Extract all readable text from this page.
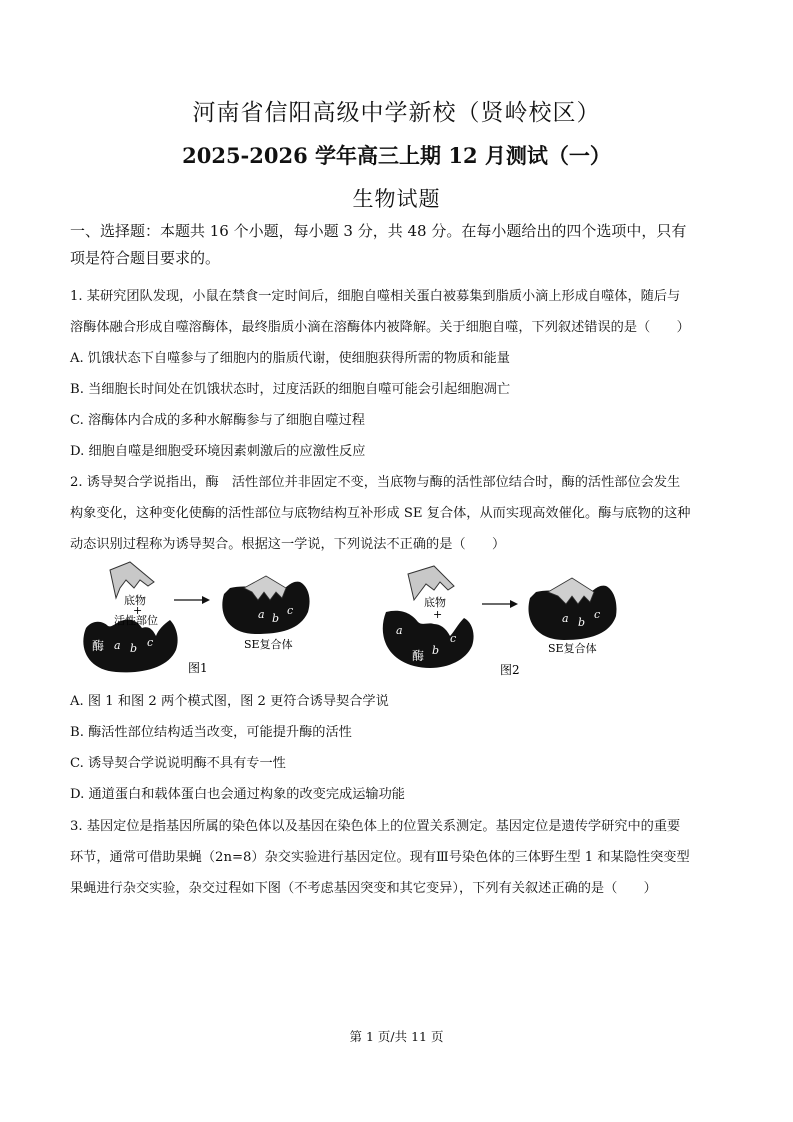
河南省信阳高级中学新校（贤岭校区）
2025-2026 学年高三上期 12 月测试（一）
生物试题
一、选择题：本题共 16 个小题，每小题 3 分，共 48 分。在每小题给出的四个选项中，只有
项是符合题目要求的。
1. 某研究团队发现，小鼠在禁食一定时间后，细胞自噬相关蛋白被募集到脂质小滴上形成自噬体，随后与
溶酶体融合形成自噬溶酶体，最终脂质小滴在溶酶体内被降解。关于细胞自噬，下列叙述错误的是（　　）
A. 饥饿状态下自噬参与了细胞内的脂质代谢，使细胞获得所需的物质和能量
B. 当细胞长时间处在饥饿状态时，过度活跃的细胞自噬可能会引起细胞凋亡
C. 溶酶体内合成的多种水解酶参与了细胞自噬过程
D. 细胞自噬是细胞受环境因素刺激后的应激性反应
2. 诱导契合学说指出，酶　活性部位并非固定不变，当底物与酶的活性部位结合时，酶的活性部位会发生
构象变化，这种变化使酶的活性部位与底物结构互补形成 SE 复合体，从而实现高效催化。酶与底物的这种
动态识别过程称为诱导契合。根据这一学说，下列说法不正确的是（　　）
底物
+
活性部位
酶 a b c
a b
c
SE复合体
图1
底物
+
a
b
c
酶
a b
c
SE复合体
图2
A. 图 1 和图 2 两个模式图，图 2 更符合诱导契合学说
B. 酶活性部位结构适当改变，可能提升酶的活性
C. 诱导契合学说说明酶不具有专一性
D. 通道蛋白和载体蛋白也会通过构象的改变完成运输功能
3. 基因定位是指基因所属的染色体以及基因在染色体上的位置关系测定。基因定位是遗传学研究中的重要
环节，通常可借助果蝇（2n=8）杂交实验进行基因定位。现有Ⅲ号染色体的三体野生型 1 和某隐性突变型
果蝇进行杂交实验，杂交过程如下图（不考虑基因突变和其它变异），下列有关叙述正确的是（　　）
第 1 页/共 11 页
